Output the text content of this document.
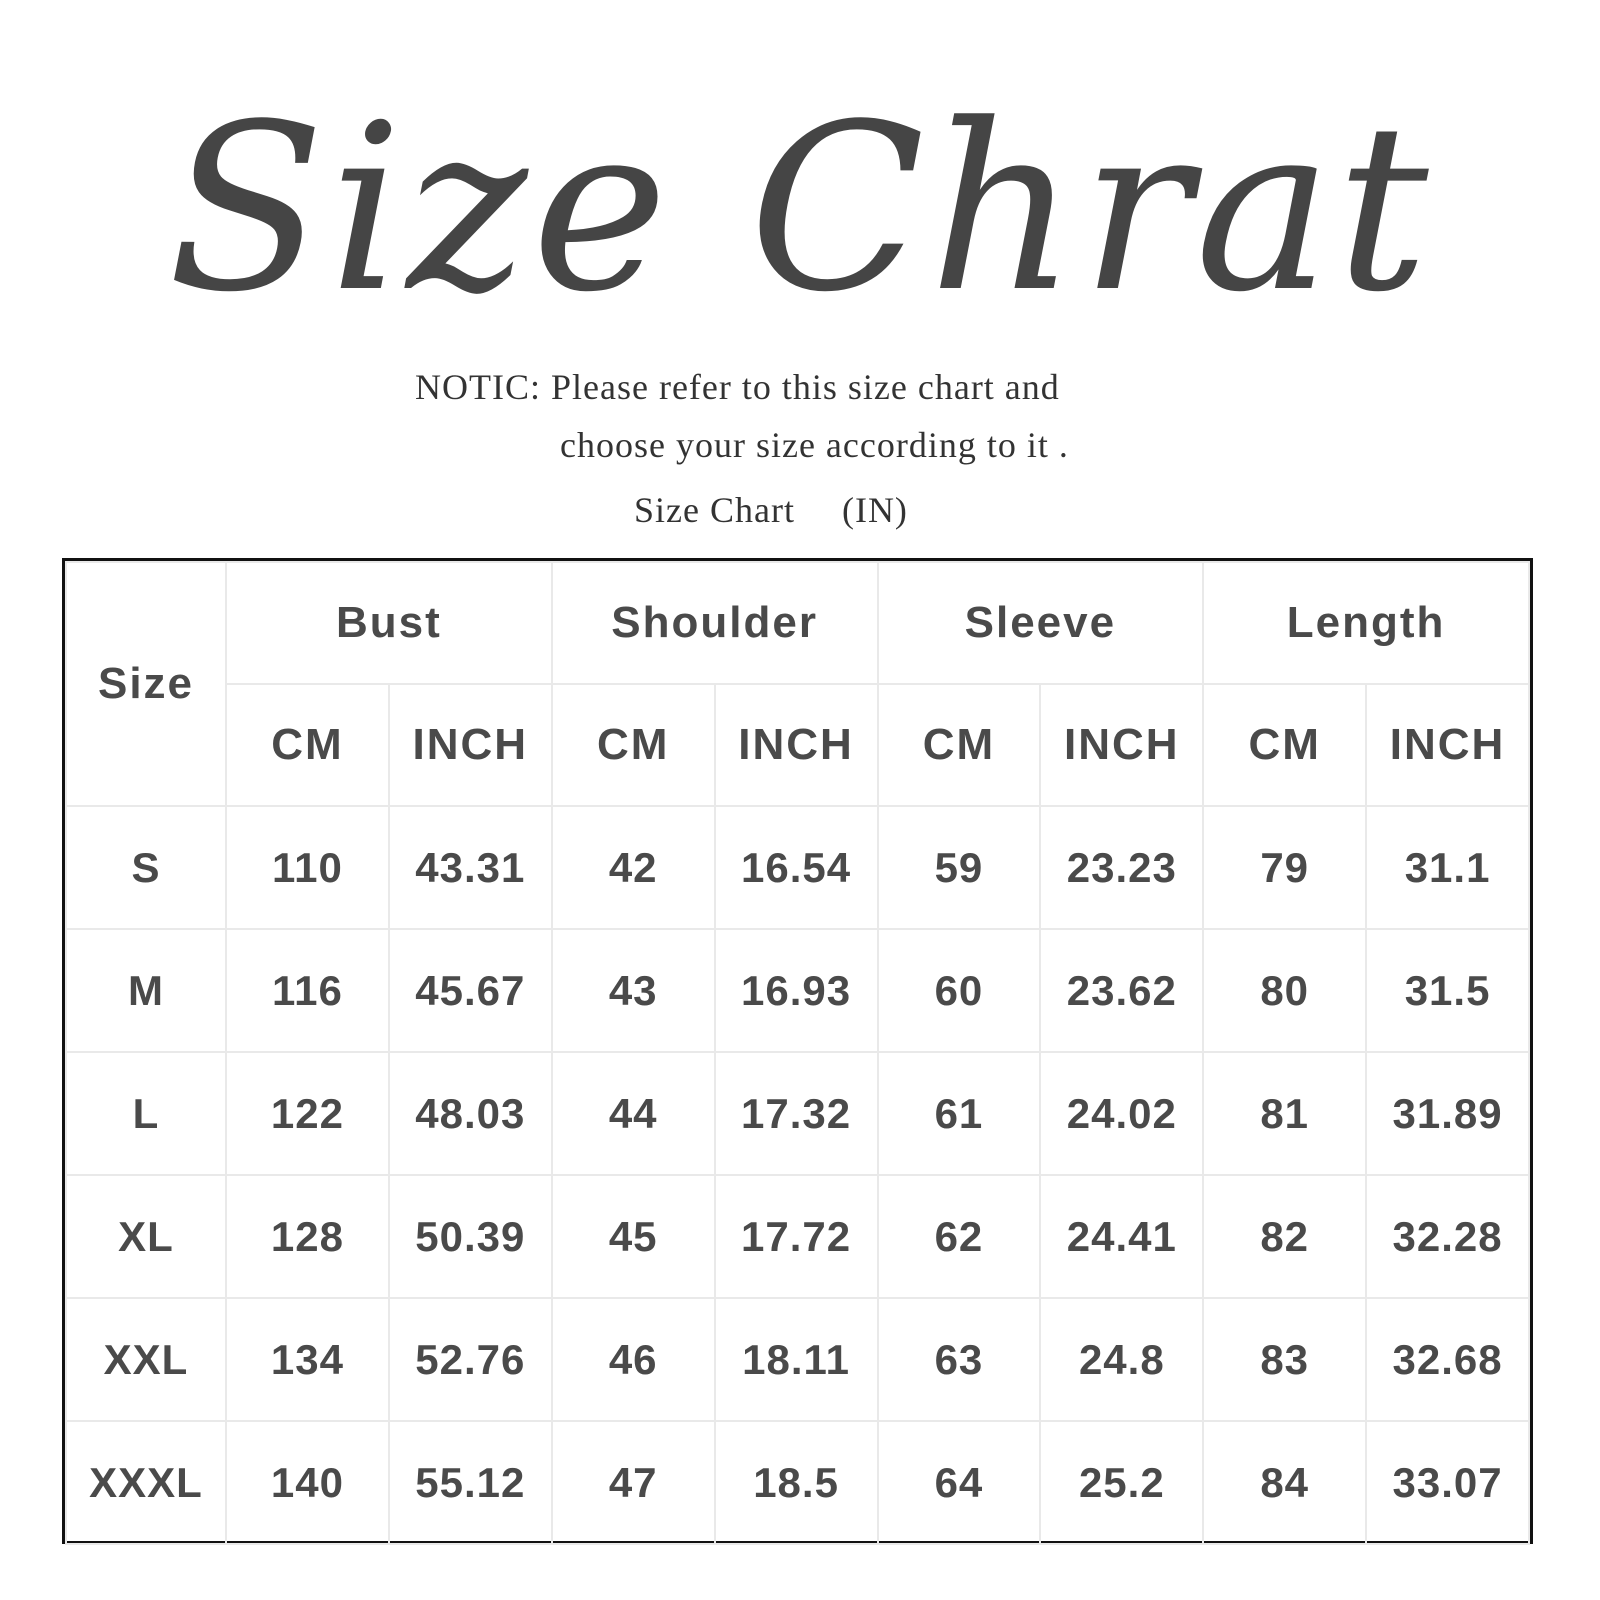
Size Chrat
NOTIC: Please refer to this size chart and
choose your size according to it .
Size Chart 　(IN)
Size	Bust		Shoulder		Sleeve		Length	
	CM	INCH	CM	INCH	CM	INCH	CM	INCH
S	110	43.31	42	16.54	59	23.23	79	31.1
M	116	45.67	43	16.93	60	23.62	80	31.5
L	122	48.03	44	17.32	61	24.02	81	31.89
XL	128	50.39	45	17.72	62	24.41	82	32.28
XXL	134	52.76	46	18.11	63	24.8	83	32.68
XXXL	140	55.12	47	18.5	64	25.2	84	33.07
